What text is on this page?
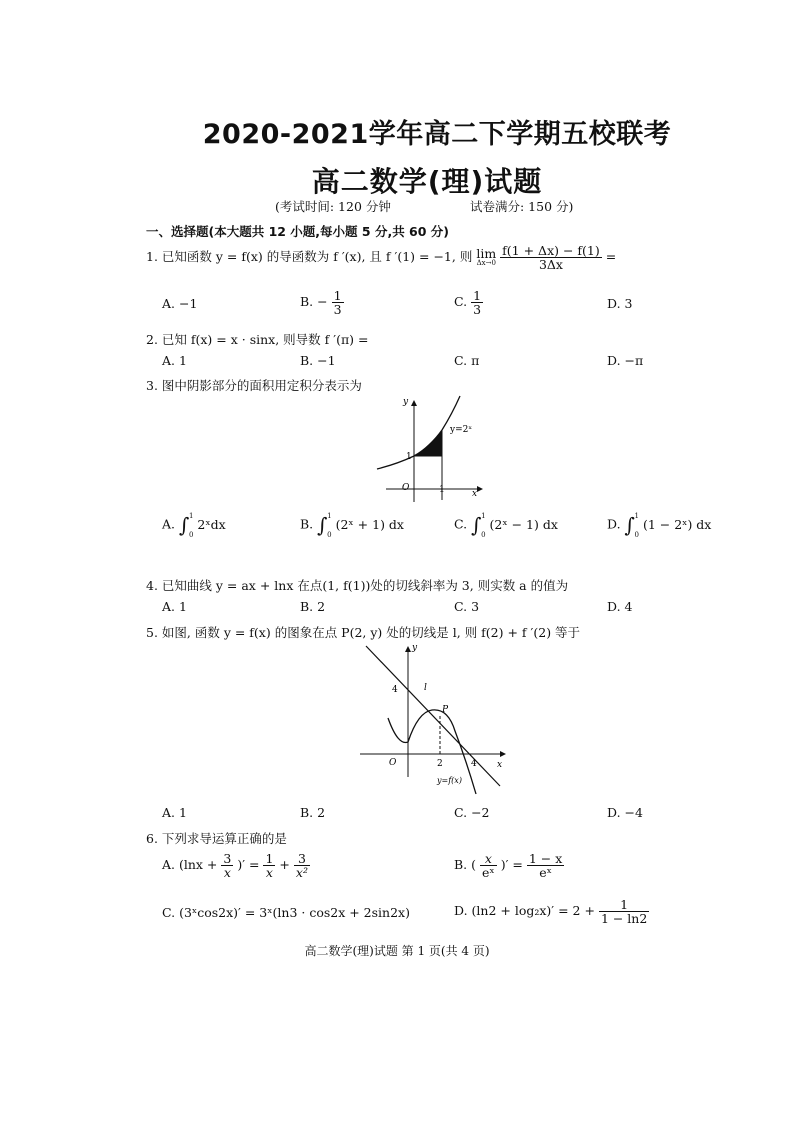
2020-2021学年高二下学期五校联考
高二数学(理)试题
(考试时间: 120 分钟	试卷满分: 150 分)
一、选择题(本大题共 12 小题,每小题 5 分,共 60 分)
1. 已知函数 y = f(x) 的导函数为 f ′(x), 且 f ′(1) = −1, 则 lim
Δx→0
$\frac{f(1 + \Delta x) - f(1)}{3\Delta x}$ =
A. −1	B. − $\frac{1}{3}$	C. $\frac{1}{3}$	D. 3
2. 已知 f(x) = x · sinx, 则导数 f ′(π) =
A. 1	B. −1	C. π	D. −π
3. 图中阴影部分的面积用定积分表示为
y=2ˣ
y
x
O	1
1
A. ∫ 1
0
2ˣdx	B. ∫ 1
0
(2ˣ + 1) dx	C. ∫ 1
0
(2ˣ − 1) dx	D. ∫ 1
0
(1 − 2ˣ) dx
4. 已知曲线 y = ax + lnx 在点(1, f(1))处的切线斜率为 3, 则实数 a 的值为
A. 1	B. 2	C. 3	D. 4
5. 如图, 函数 y = f(x) 的图象在点 P(2, y) 处的切线是 l, 则 f(2) + f ′(2) 等于
y
x
O
4
2	4
l
P
y=f(x)
A. 1	B. 2	C. −2	D. −4
6. 下列求导运算正确的是
A. ($\ln x + \frac{3}{x}$ )′ = $\frac{1}{x} + \frac{3}{\text{x²}}$	B. ( $\frac{x}{\text{eˣ}}$ )′ = $\frac{1 - x}{\text{eˣ}}$
C. (3ˣcos2x)′ = 3ˣ(ln3 · cos2x + 2sin2x)	D. $(\ln 2 + \log_2x)' = 2 + \frac{1}{1 - \ln 2}$
高二数学(理)试题 第 1 页(共 4 页)
